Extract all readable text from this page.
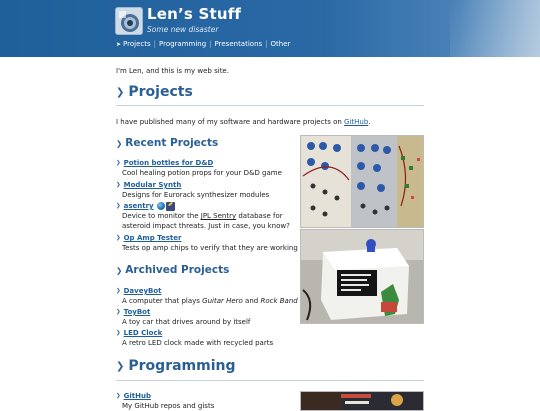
Len’s Stuff
Some new disaster
➤ Projects | Programming | Presentations | Other
I'm Len, and this is my web site.
❯ Projects
I have published many of my software and hardware projects on GitHub.
❯ Recent Projects
❯ Potion bottles for D&D
Cool healing potion props for your D&D game
❯ Modular Synth
Designs for Eurorack synthesizer modules
❯ asentry
Device to monitor the JPL Sentry database for
asteroid impact threats. Just in case, you know?
❯ Op Amp Tester
Tests op amp chips to verify that they are working
❯ Archived Projects
❯ DaveyBot
A computer that plays Guitar Hero and Rock Band
❯ ToyBot
A toy car that drives around by itself
❯ LED Clock
A retro LED clock made with recycled parts
❯ Programming
❯ GitHub
My GitHub repos and gists
